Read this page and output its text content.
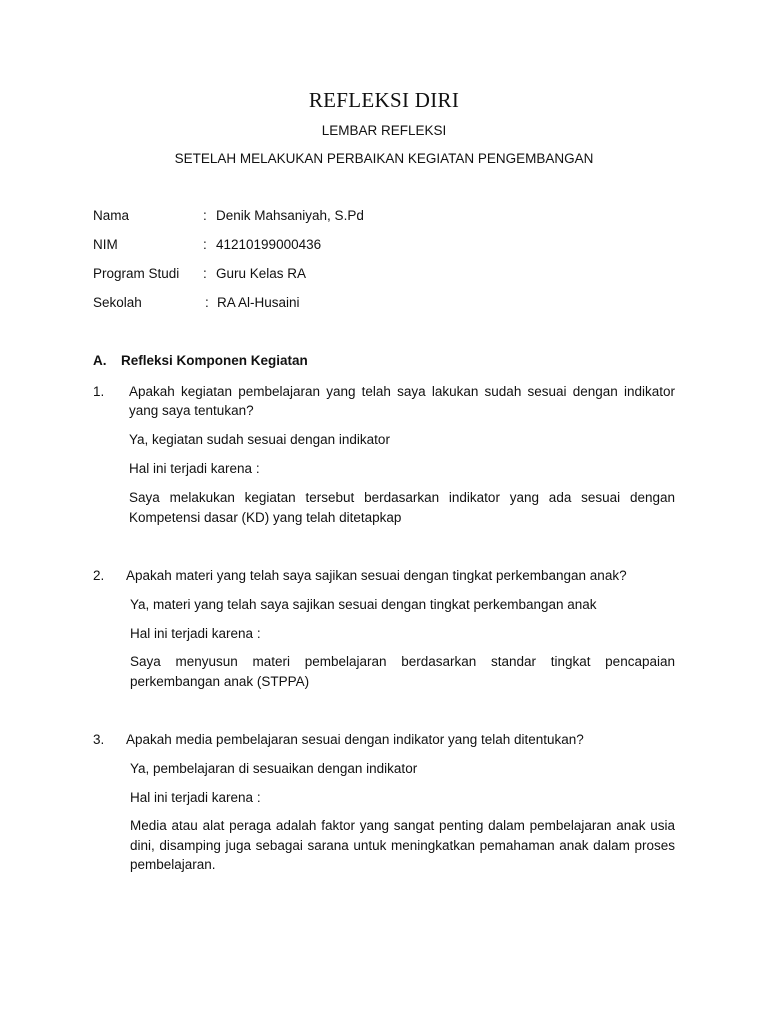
REFLEKSI DIRI
LEMBAR REFLEKSI
SETELAH MELAKUKAN PERBAIKAN KEGIATAN PENGEMBANGAN
Nama	: Denik Mahsaniyah, S.Pd
NIM	: 41210199000436
Program Studi : Guru Kelas RA
Sekolah	: RA Al-Husaini
A. Refleksi Komponen Kegiatan
1. Apakah kegiatan pembelajaran yang telah saya lakukan sudah sesuai dengan indikator yang saya tentukan?
Ya, kegiatan sudah sesuai dengan indikator
Hal ini terjadi karena :
Saya melakukan kegiatan tersebut berdasarkan indikator yang ada sesuai dengan Kompetensi dasar (KD) yang telah ditetapkap
2. Apakah materi yang telah saya sajikan sesuai dengan tingkat perkembangan anak?
Ya, materi yang telah saya sajikan sesuai dengan tingkat perkembangan anak
Hal ini terjadi karena :
Saya menyusun materi pembelajaran berdasarkan standar tingkat pencapaian perkembangan anak (STPPA)
3. Apakah media pembelajaran sesuai dengan indikator yang telah ditentukan?
Ya, pembelajaran di sesuaikan dengan indikator
Hal ini terjadi karena :
Media atau alat peraga adalah faktor yang sangat penting dalam pembelajaran anak usia dini, disamping juga sebagai sarana untuk meningkatkan pemahaman anak dalam proses pembelajaran.
